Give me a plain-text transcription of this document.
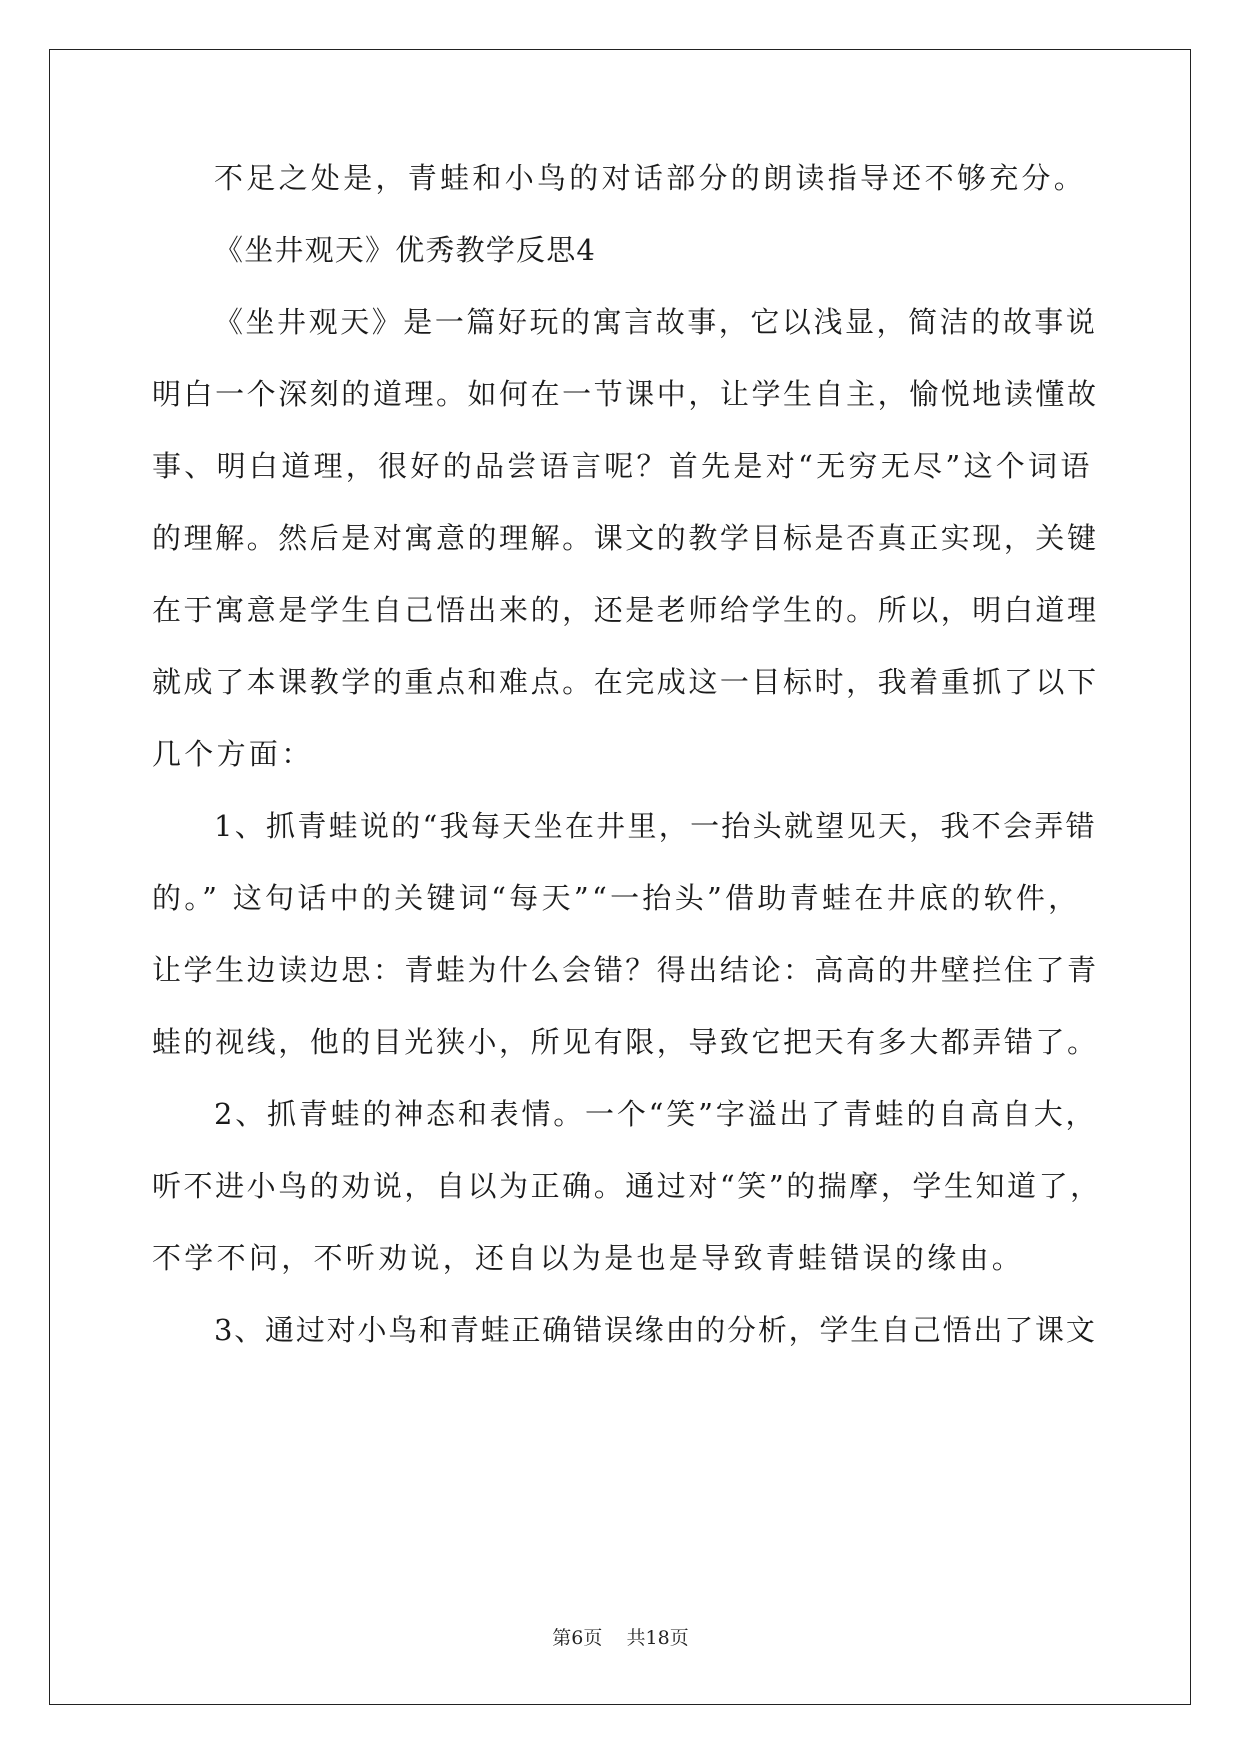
不足之处是，青蛙和小鸟的对话部分的朗读指导还不够充分。
《坐井观天》优秀教学反思4
《坐井观天》是一篇好玩的寓言故事，它以浅显，简洁的故事说
明白一个深刻的道理。如何在一节课中，让学生自主，愉悦地读懂故
事、明白道理，很好的品尝语言呢？首先是对“无穷无尽”这个词语
的理解。然后是对寓意的理解。课文的教学目标是否真正实现，关键
在于寓意是学生自己悟出来的，还是老师给学生的。所以，明白道理
就成了本课教学的重点和难点。在完成这一目标时，我着重抓了以下
几个方面：
1、抓青蛙说的“我每天坐在井里，一抬头就望见天，我不会弄错
的。” 这句话中的关键词“每天”“一抬头”借助青蛙在井底的软件，
让学生边读边思：青蛙为什么会错？得出结论：高高的井壁拦住了青
蛙的视线，他的目光狭小，所见有限，导致它把天有多大都弄错了。
2、抓青蛙的神态和表情。一个“笑”字溢出了青蛙的自高自大，
听不进小鸟的劝说，自以为正确。通过对“笑”的揣摩，学生知道了，
不学不问，不听劝说，还自以为是也是导致青蛙错误的缘由。
3、通过对小鸟和青蛙正确错误缘由的分析，学生自己悟出了课文
第6页    共18页
